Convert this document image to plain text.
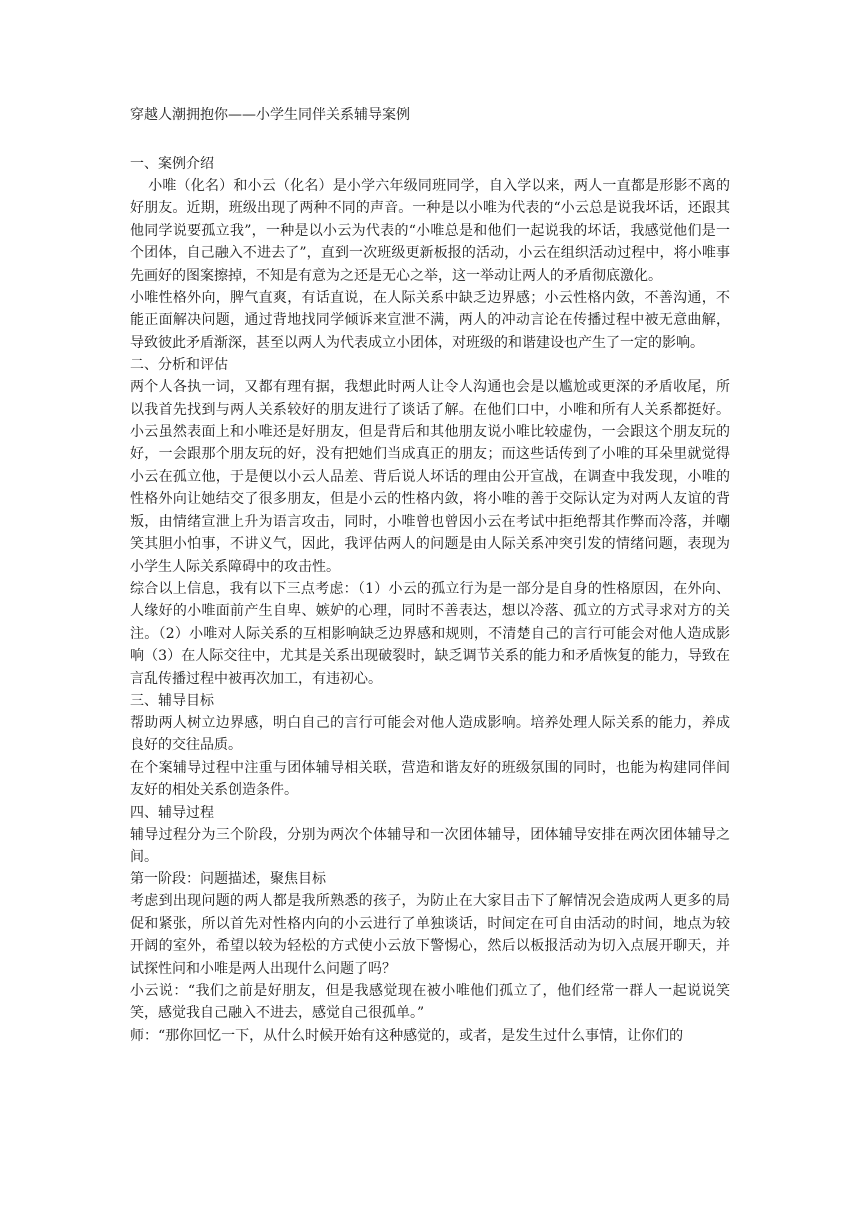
穿越人潮拥抱你——小学生同伴关系辅导案例
一、案例介绍

小唯（化名）和小云（化名）是小学六年级同班同学，自入学以来，两人一直都是形影不离的好朋友。近期，班级出现了两种不同的声音。一种是以小唯为代表的“小云总是说我坏话，还跟其他同学说要孤立我”，一种是以小云为代表的“小唯总是和他们一起说我的坏话，我感觉他们是一个团体，自己融入不进去了”，直到一次班级更新板报的活动，小云在组织活动过程中，将小唯事先画好的图案擦掉，不知是有意为之还是无心之举，这一举动让两人的矛盾彻底激化。

小唯性格外向，脾气直爽，有话直说，在人际关系中缺乏边界感；小云性格内敛，不善沟通，不能正面解决问题，通过背地找同学倾诉来宣泄不满，两人的冲动言论在传播过程中被无意曲解，导致彼此矛盾渐深，甚至以两人为代表成立小团体，对班级的和谐建设也产生了一定的影响。

二、分析和评估

两个人各执一词，又都有理有据，我想此时两人让令人沟通也会是以尴尬或更深的矛盾收尾，所以我首先找到与两人关系较好的朋友进行了谈话了解。在他们口中，小唯和所有人关系都挺好。小云虽然表面上和小唯还是好朋友，但是背后和其他朋友说小唯比较虚伪，一会跟这个朋友玩的好，一会跟那个朋友玩的好，没有把她们当成真正的朋友；而这些话传到了小唯的耳朵里就觉得小云在孤立他，于是便以小云人品差、背后说人坏话的理由公开宣战，在调查中我发现，小唯的性格外向让她结交了很多朋友，但是小云的性格内敛，将小唯的善于交际认定为对两人友谊的背叛，由情绪宣泄上升为语言攻击，同时，小唯曾也曾因小云在考试中拒绝帮其作弊而冷落，并嘲笑其胆小怕事，不讲义气，因此，我评估两人的问题是由人际关系冲突引发的情绪问题，表现为小学生人际关系障碍中的攻击性。

综合以上信息，我有以下三点考虑：（1）小云的孤立行为是一部分是自身的性格原因，在外向、人缘好的小唯面前产生自卑、嫉妒的心理，同时不善表达，想以冷落、孤立的方式寻求对方的关注。（2）小唯对人际关系的互相影响缺乏边界感和规则，不清楚自己的言行可能会对他人造成影响（3）在人际交往中，尤其是关系出现破裂时，缺乏调节关系的能力和矛盾恢复的能力，导致在言乱传播过程中被再次加工，有违初心。

三、辅导目标

帮助两人树立边界感，明白自己的言行可能会对他人造成影响。培养处理人际关系的能力，养成良好的交往品质。

在个案辅导过程中注重与团体辅导相关联，营造和谐友好的班级氛围的同时，也能为构建同伴间友好的相处关系创造条件。

四、辅导过程

辅导过程分为三个阶段，分别为两次个体辅导和一次团体辅导，团体辅导安排在两次团体辅导之间。

第一阶段：问题描述，聚焦目标

考虑到出现问题的两人都是我所熟悉的孩子，为防止在大家目击下了解情况会造成两人更多的局促和紧张，所以首先对性格内向的小云进行了单独谈话，时间定在可自由活动的时间，地点为较开阔的室外，希望以较为轻松的方式使小云放下警惕心，然后以板报活动为切入点展开聊天，并试探性问和小唯是两人出现什么问题了吗？

小云说：“我们之前是好朋友，但是我感觉现在被小唯他们孤立了，他们经常一群人一起说说笑笑，感觉我自己融入不进去，感觉自己很孤单。”

师：“那你回忆一下，从什么时候开始有这种感觉的，或者，是发生过什么事情，让你们的
